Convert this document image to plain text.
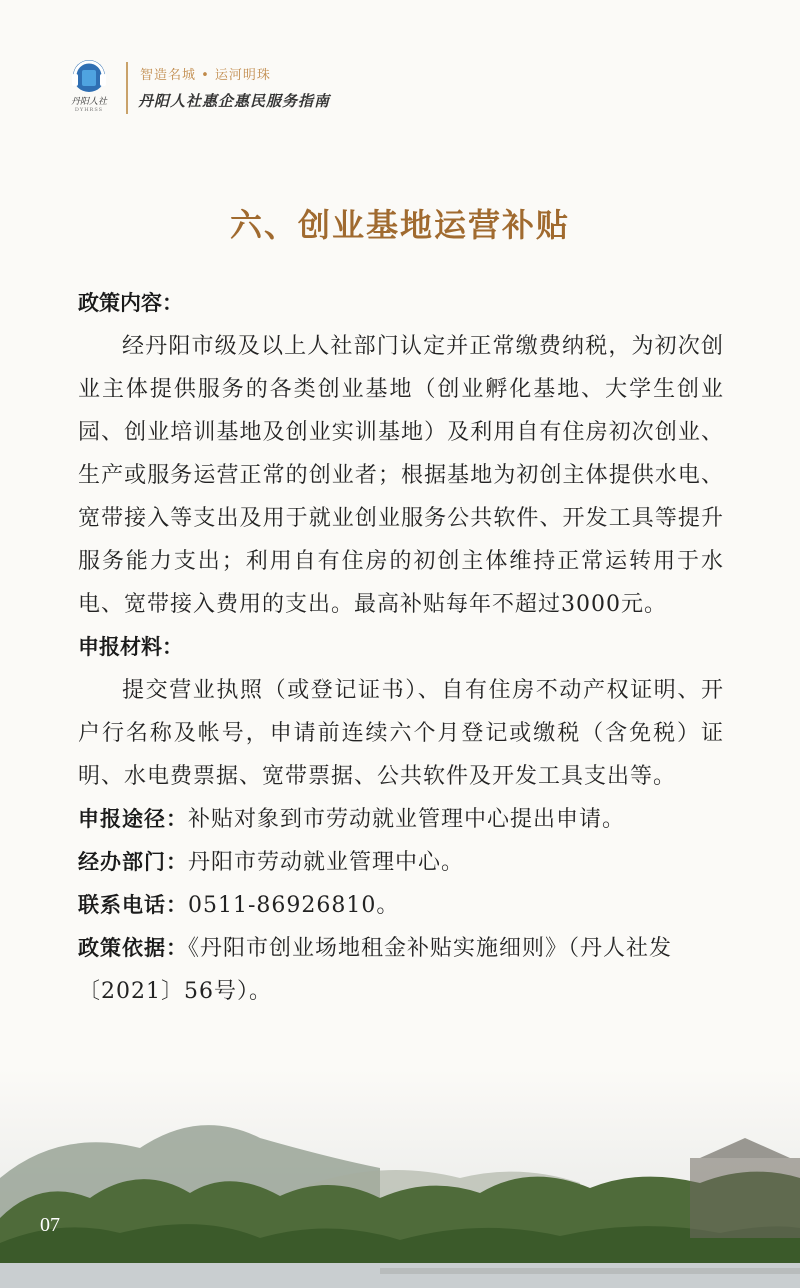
丹阳人社
DYHRSS
智造名城 • 运河明珠
丹阳人社惠企惠民服务指南
六、创业基地运营补贴
政策内容：
经丹阳市级及以上人社部门认定并正常缴费纳税，为初次创业主体提供服务的各类创业基地（创业孵化基地、大学生创业园、创业培训基地及创业实训基地）及利用自有住房初次创业、生产或服务运营正常的创业者；根据基地为初创主体提供水电、宽带接入等支出及用于就业创业服务公共软件、开发工具等提升服务能力支出；利用自有住房的初创主体维持正常运转用于水电、宽带接入费用的支出。最高补贴每年不超过3000元。
申报材料：
提交营业执照（或登记证书）、自有住房不动产权证明、开户行名称及帐号，申请前连续六个月登记或缴税（含免税）证明、水电费票据、宽带票据、公共软件及开发工具支出等。
申报途径：补贴对象到市劳动就业管理中心提出申请。
经办部门：丹阳市劳动就业管理中心。
联系电话：0511-86926810。
政策依据：《丹阳市创业场地租金补贴实施细则》（丹人社发〔2021〕56号）。
07
